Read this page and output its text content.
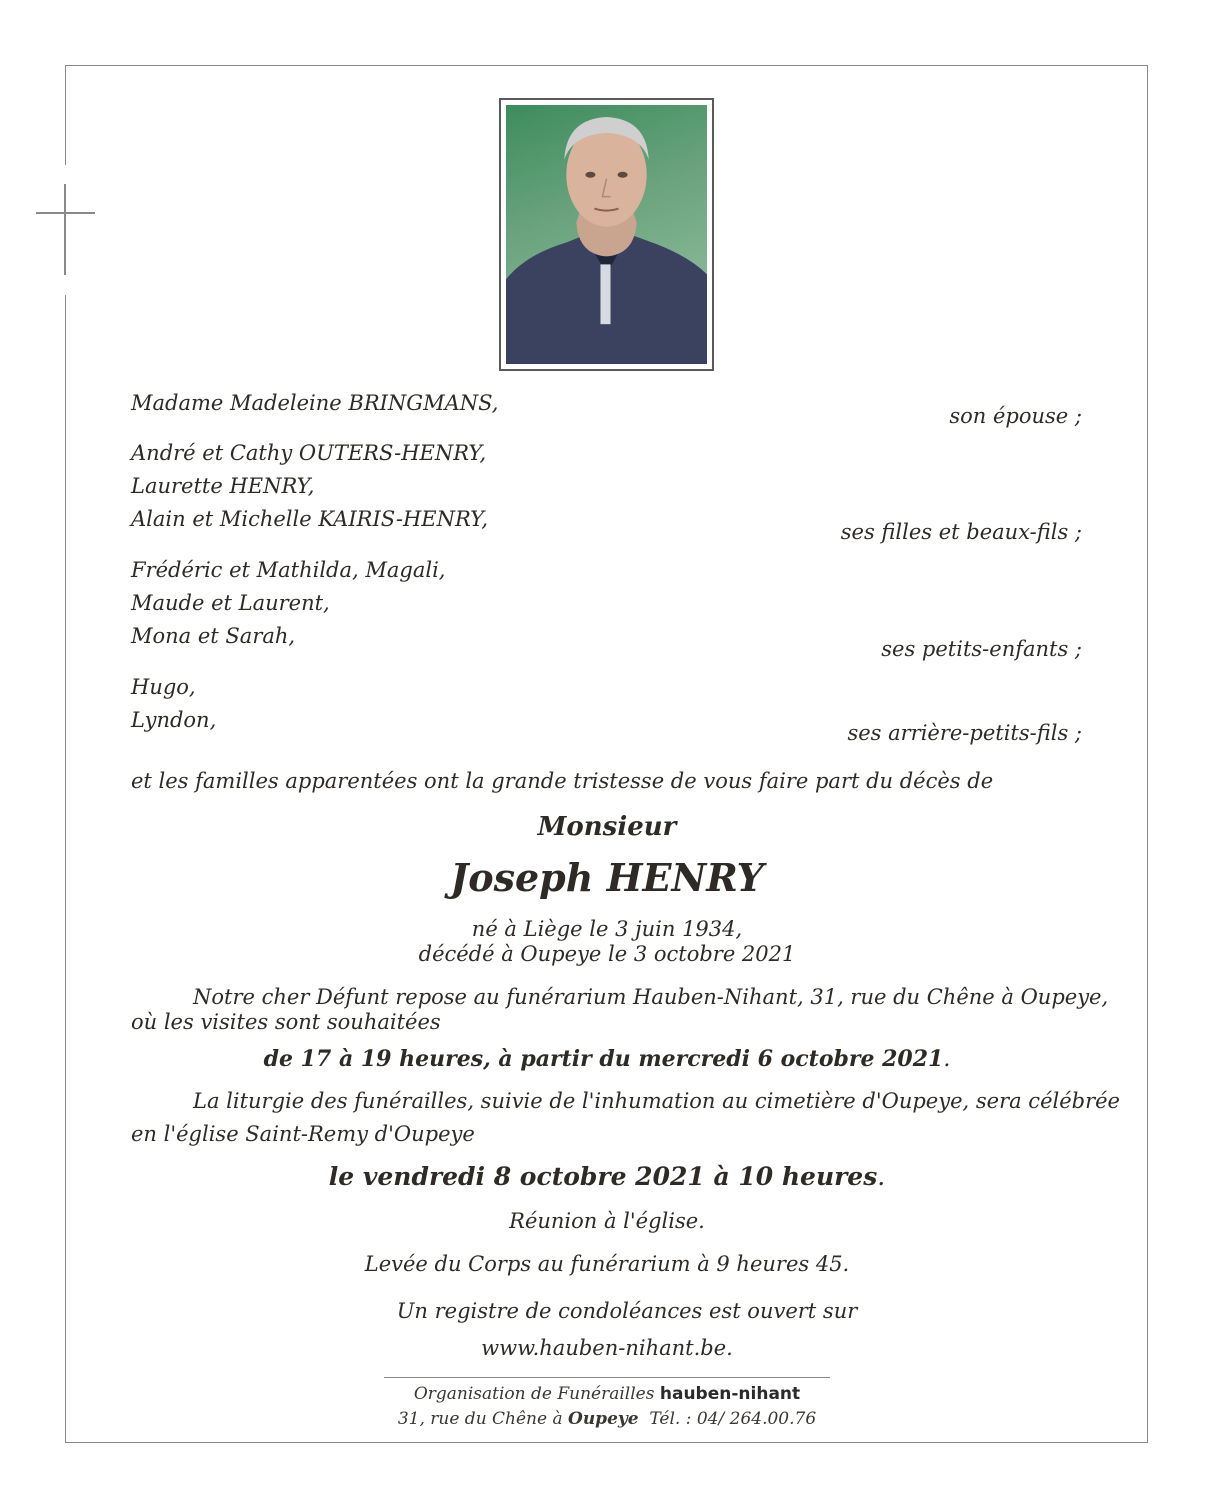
Madame Madeleine BRINGMANS,
son épouse ;
André et Cathy OUTERS-HENRY,
Laurette HENRY,
Alain et Michelle KAIRIS-HENRY,
ses filles et beaux-fils ;
Frédéric et Mathilda, Magali,
Maude et Laurent,
Mona et Sarah,
ses petits-enfants ;
Hugo,
Lyndon,
ses arrière-petits-fils ;
et les familles apparentées ont la grande tristesse de vous faire part du décès de
Monsieur
Joseph HENRY
né à Liège le 3 juin 1934,
décédé à Oupeye le 3 octobre 2021
Notre cher Défunt repose au funérarium Hauben-Nihant, 31, rue du Chêne à Oupeye,
où les visites sont souhaitées
de 17 à 19 heures, à partir du mercredi 6 octobre 2021.
La liturgie des funérailles, suivie de l'inhumation au cimetière d'Oupeye, sera célébrée
en l'église Saint-Remy d'Oupeye
le vendredi 8 octobre 2021 à 10 heures.
Réunion à l'église.
Levée du Corps au funérarium à 9 heures 45.
Un registre de condoléances est ouvert sur
www.hauben-nihant.be.
Organisation de Funérailles hauben-nihant
31, rue du Chêne à Oupeye Tél. : 04/ 264.00.76
